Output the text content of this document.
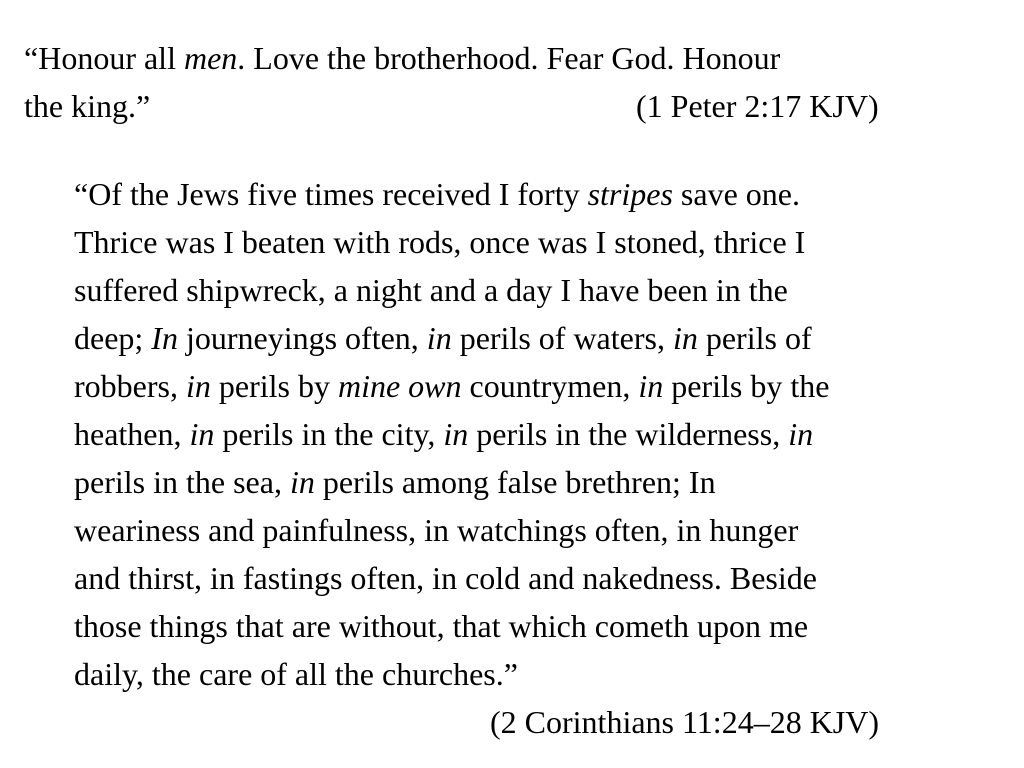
“Honour all men. Love the brotherhood. Fear God. Honour
the king.”	(1 Peter 2:17 KJV)
“Of the Jews five times received I forty stripes save one.
Thrice was I beaten with rods, once was I stoned, thrice I
suffered shipwreck, a night and a day I have been in the
deep; In journeyings often, in perils of waters, in perils of
robbers, in perils by mine own countrymen, in perils by the
heathen, in perils in the city, in perils in the wilderness, in
perils in the sea, in perils among false brethren; In
weariness and painfulness, in watchings often, in hunger
and thirst, in fastings often, in cold and nakedness. Beside
those things that are without, that which cometh upon me
daily, the care of all the churches.”
(2 Corinthians 11:24–28 KJV)
